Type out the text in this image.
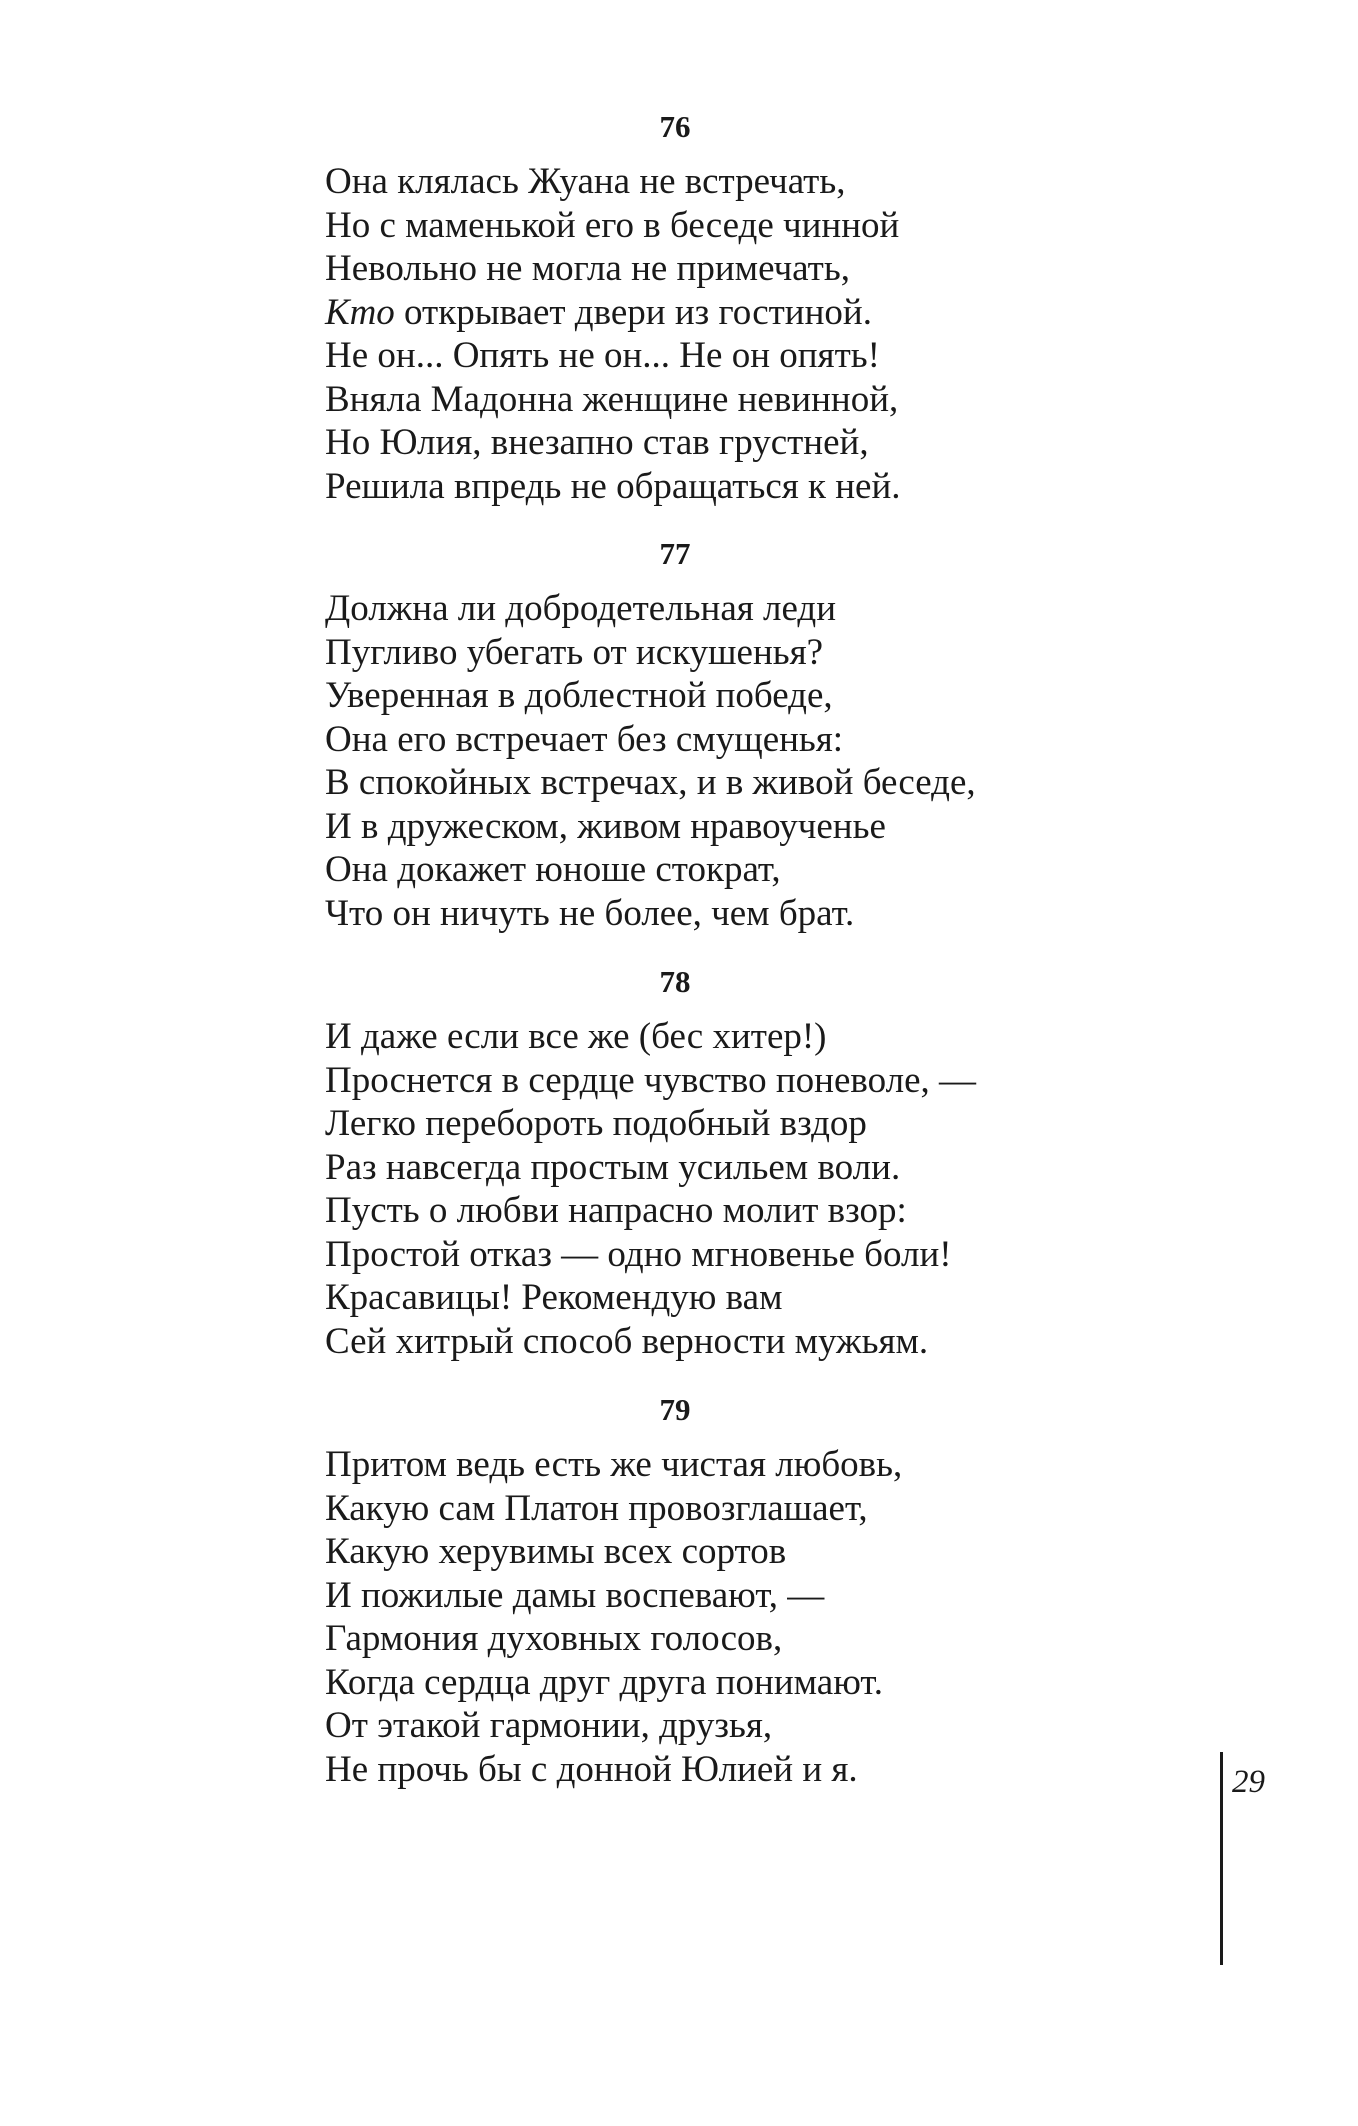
76
Она клялась Жуана не встречать,
Но с маменькой его в беседе чинной
Невольно не могла не примечать,
Кто открывает двери из гостиной.
Не он... Опять не он... Не он опять!
Вняла Мадонна женщине невинной,
Но Юлия, внезапно став грустней,
Решила впредь не обращаться к ней.
77
Должна ли добродетельная леди
Пугливо убегать от искушенья?
Уверенная в доблестной победе,
Она его встречает без смущенья:
В спокойных встречах, и в живой беседе,
И в дружеском, живом нравоученье
Она докажет юноше стократ,
Что он ничуть не более, чем брат.
78
И даже если все же (бес хитер!)
Проснется в сердце чувство поневоле, —
Легко перебороть подобный вздор
Раз навсегда простым усильем воли.
Пусть о любви напрасно молит взор:
Простой отказ — одно мгновенье боли!
Красавицы! Рекомендую вам
Сей хитрый способ верности мужьям.
79
Притом ведь есть же чистая любовь,
Какую сам Платон провозглашает,
Какую херувимы всех сортов
И пожилые дамы воспевают, —
Гармония духовных голосов,
Когда сердца друг друга понимают.
От этакой гармонии, друзья,
Не прочь бы с донной Юлией и я.	29
